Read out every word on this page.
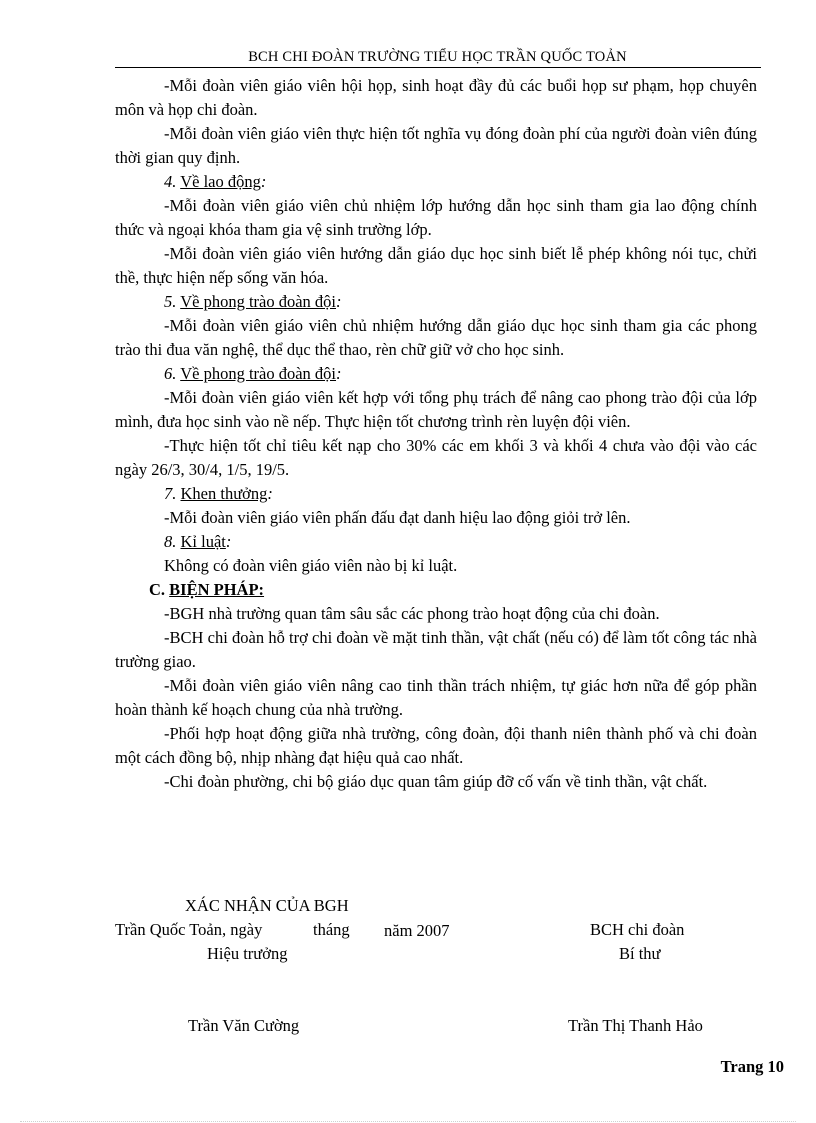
BCH CHI ĐOÀN TRƯỜNG TIỂU HỌC TRẦN QUỐC TOẢN

-Mỗi đoàn viên giáo viên hội họp, sinh hoạt đầy đủ các buổi họp sư phạm, họp chuyên môn và họp chi đoàn.

-Mỗi đoàn viên giáo viên thực hiện tốt nghĩa vụ đóng đoàn phí của người đoàn viên đúng thời gian quy định.

4. Về lao động:

-Mỗi đoàn viên giáo viên chủ nhiệm lớp hướng dẫn học sinh tham gia lao động chính thức và ngoại khóa tham gia vệ sinh trường lớp.

-Mỗi đoàn viên giáo viên hướng dẫn giáo dục học sinh biết lễ phép không nói tục, chửi thề, thực hiện nếp sống văn hóa.

5. Về phong trào đoàn đội:

-Mỗi đoàn viên giáo viên chủ nhiệm hướng dẫn giáo dục học sinh tham gia các phong trào thi đua văn nghệ, thể dục thể thao, rèn chữ giữ vở cho học sinh.

6. Về phong trào đoàn đội:

-Mỗi đoàn viên giáo viên kết hợp với tổng phụ trách để nâng cao phong trào đội của lớp mình, đưa học sinh vào nề nếp. Thực hiện tốt chương trình rèn luyện đội viên.

-Thực hiện tốt chỉ tiêu kết nạp cho 30% các em khối 3 và khối 4 chưa vào đội vào các ngày 26/3, 30/4, 1/5, 19/5.

7. Khen thưởng:

-Mỗi đoàn viên giáo viên phấn đấu đạt danh hiệu lao động giỏi trở lên.

8. Kỉ luật:

Không có đoàn viên giáo viên nào bị kỉ luật.

C. BIỆN PHÁP:

-BGH nhà trường quan tâm sâu sắc các phong trào hoạt động của chi đoàn.

-BCH chi đoàn hỗ trợ chi đoàn về mặt tinh thần, vật chất (nếu có) để làm tốt công tác nhà trường giao.

-Mỗi đoàn viên giáo viên nâng cao tinh thần trách nhiệm, tự giác hơn nữa để góp phần hoàn thành kế hoạch chung của nhà trường.

-Phối hợp hoạt động giữa nhà trường, công đoàn, đội thanh niên thành phố và chi đoàn một cách đồng bộ, nhịp nhàng đạt hiệu quả cao nhất.

-Chi đoàn phường, chi bộ giáo dục quan tâm giúp đỡ cố vấn về tinh thần, vật chất.

XÁC NHẬN CỦA BGH
Trần Quốc Toản, ngày	tháng năm 2007	BCH chi đoàn
Hiệu trưởng	Bí thư
Trần Văn Cường	Trần Thị Thanh Hảo
Trang 10
